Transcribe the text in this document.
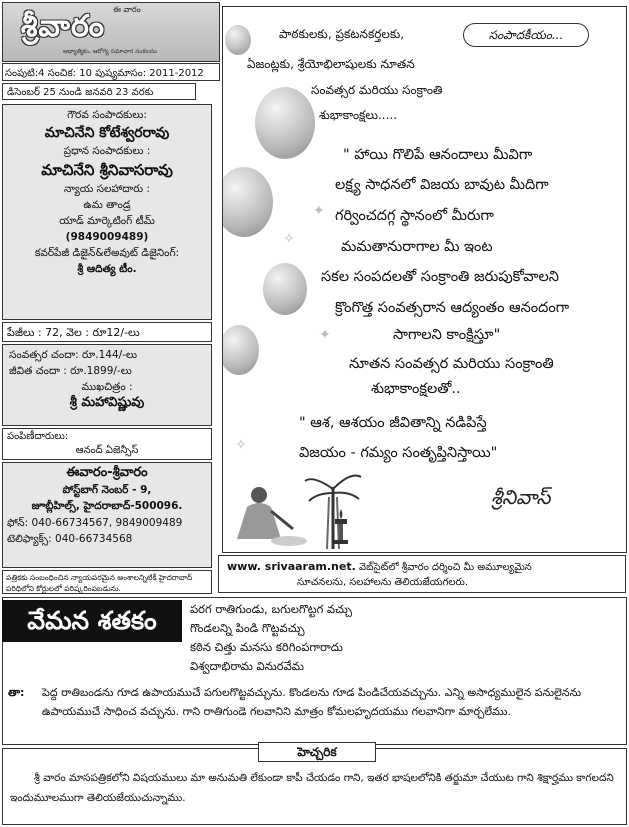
ఈ వారం
శ్రీవారం
ఆధ్యాత్మికం, ఆరోగ్య సమాచార సంకలనం
సంపుటి:4 సంచిక: 10 పుష్యమాసం: 2011-2012
డిసెంబర్ 25 నుండి జనవరి 23 వరకు
గౌరవ సంపాదకులు:
మాచినేని కోటేశ్వరరావు
ప్రధాన సంపాదకులు :
మాచినేని శ్రీనివాసరావు
న్యాయ సలహాదారు :
ఉమ తాండ్ర
యాడ్ మార్కెటింగ్ టీమ్
(9849009489)
కవర్‌పేజీ డిజైన్&లేఅవుట్ డిజైనింగ్:
శ్రీ ఆదిత్య టీం.
పేజీలు : 72, వెల : రూ12/-లు
సంవత్సర చందా: రూ.144/-లు
జీవిత చందా : రూ.1899/-లు
ముఖచిత్రం :
శ్రీ మహావిష్ణువు
పంపిణీదారులు:
ఆనంద్ ఏజెన్సీస్
ఈవారం-శ్రీవారం
పోస్ట్‌బాగ్ నెంబర్ - 9,
జూబ్లీహిల్స్, హైదరాబాద్-500096.
ఫోన్: 040-66734567, 9849009489
టెలిఫ్యాక్స్: 040-66734568
పత్రికకు సంబంధించిన న్యాయపరమైన అంశాలన్నిటికీ హైదరాబాద్ పరిధిలోని కోర్టులలో పరిష్కరింపబడును.
✦
✧
✦
✧
పాఠకులకు, ప్రకటనకర్తలకు,	సంపాదకీయం...
ఏజంట్లకు, శ్రేయోభిలాషులకు నూతన
సంవత్సర మరియు సంక్రాంతి
శుభాకాంక్షలు.....
" హాయి గొలిపే ఆనందాలు మీవిగా
లక్ష్య సాధనలో విజయ బావుట మీదిగా
గర్వించదగ్గ స్థానంలో మీరుగా
మమతానురాగాల మీ ఇంట
సకల సంపదలతో సంక్రాంతి జరుపుకోవాలని
క్రొంగొత్త సంవత్సరాన ఆద్యంతం ఆనందంగా
సాగాలని కాంక్షిస్తూ"
నూతన సంవత్సర మరియు సంక్రాంతి
శుభాకాంక్షలతో..
" ఆశ, ఆశయం జీవితాన్ని నడిపిస్తే
విజయం - గమ్యం సంతృప్తినిస్తాయి"
శ్రీనివాస్
www. srivaaram.net. వెబ్‌సైట్‌లో శ్రీవారం దర్శించి మీ అమూల్యమైన
సూచనలను, సలహాలను తెలియజేయగలరు.
వేమన శతకం	పరగ రాతిగుండు, బగులగొట్టగ వచ్చు
గొండలన్ని పిండి గొట్టవచ్చు
కఠిన చిత్తు మనసు కరిగింపగారాదు
విశ్వదాభిరామ వినురవేమ
తా: పెద్ద రాతిబండను గూడ ఉపాయముచే పగులగొట్టవచ్చును. కొండలను గూడ పిండిచేయవచ్చును. ఎన్ని అసాధ్యములైన పనులైనను ఉపాయముచే సాధించ వచ్చును. గాని రాతిగుండె గలవానిని మాత్రం కోమలహృదయము గలవానిగా మార్చలేము.
హెచ్చరిక
శ్రీ వారం మాసపత్రికలోని విషయములు మా అనుమతి లేకుండా కాపీ చేయడం గాని, ఇతర భాషలలోనికి తర్జుమా చేయుట గాని శిక్షార్హము కాగలదని ఇందుమూలముగా తెలియజేయుచున్నాము.
